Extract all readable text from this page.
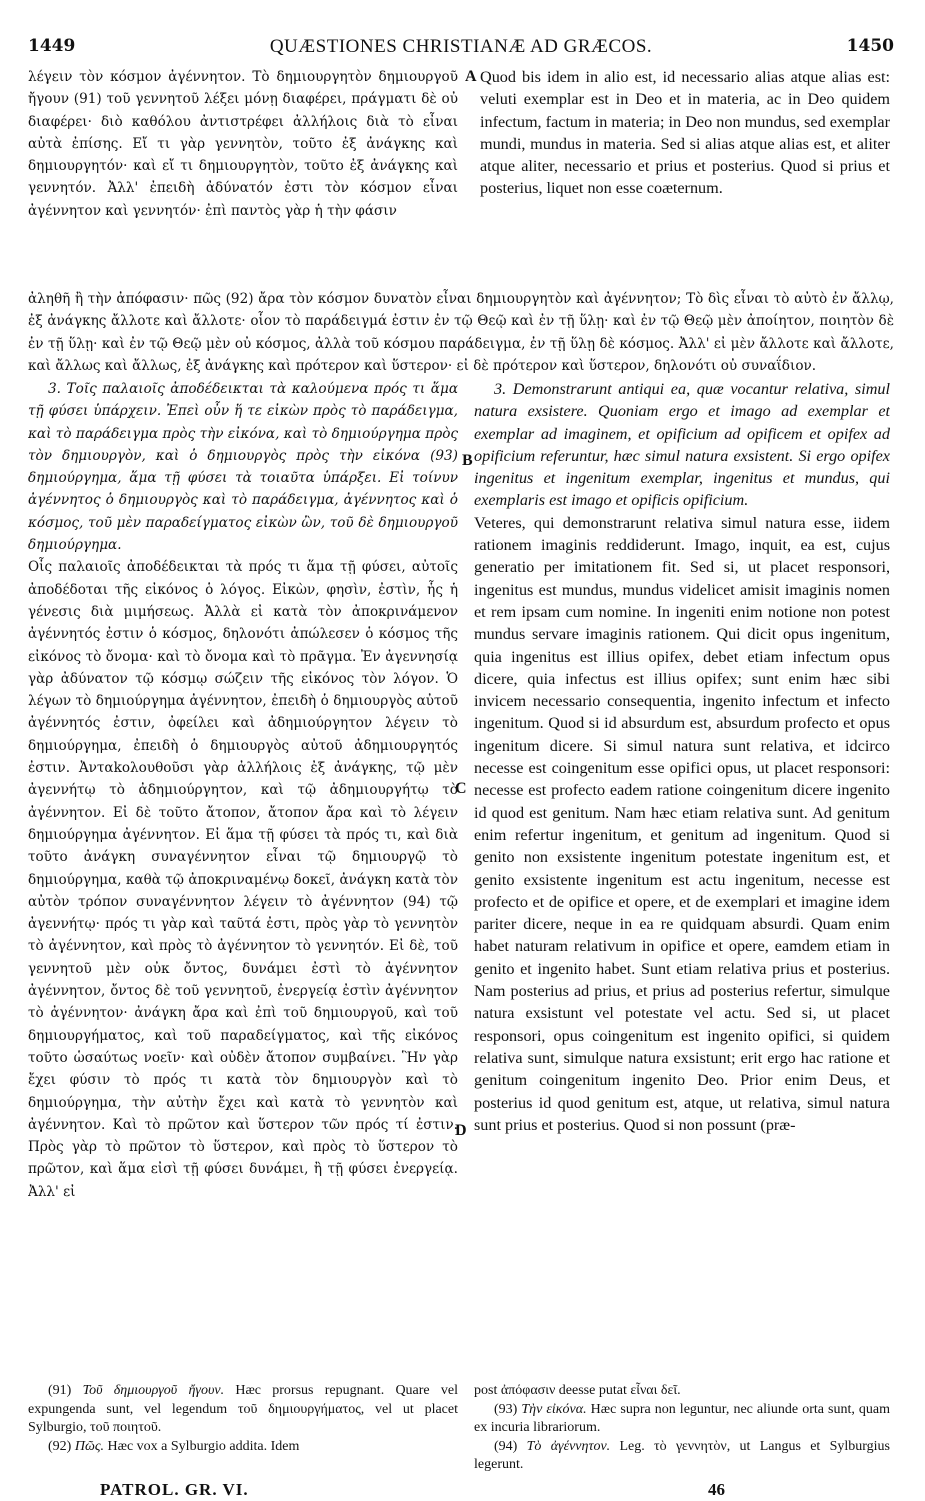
1449	QUÆSTIONES CHRISTIANÆ AD GRÆCOS.	1450

λέγειν τὸν κόσμον ἀγέννητον. Τὸ δημιουργητὸν δημιουργοῦ ἤγουν (91) τοῦ γεννητοῦ λέξει μόνῃ διαφέρει, πράγματι δὲ οὐ διαφέρει· διὸ καθόλου ἀντιστρέφει ἀλλήλοις διὰ τὸ εἶναι αὐτὰ ἐπίσης. Εἴ τι γὰρ γεννητὸν, τοῦτο ἐξ ἀνάγκης καὶ δημιουργητόν· καὶ εἴ τι δημιουργητὸν, τοῦτο ἐξ ἀνάγκης καὶ γεννητόν. Ἀλλ' ἐπειδὴ ἀδύνατόν ἐστι τὸν κόσμον εἶναι ἀγέννητον καὶ γεννητόν· ἐπὶ παντὸς γὰρ ἡ τὴν φάσιν

A Quod bis idem in alio est, id necessario alias atque alias est: veluti exemplar est in Deo et in materia, ac in Deo quidem infectum, factum in materia; in Deo non mundus, sed exemplar mundi, mundus in materia. Sed si alias atque alias est, et aliter atque aliter, necessario et prius et posterius. Quod si prius et posterius, liquet non esse coæternum.

ἀληθῆ ἢ τὴν ἀπόφασιν· πῶς (92) ἄρα τὸν κόσμον δυνατὸν εἶναι δημιουργητὸν καὶ ἀγέννητον; Τὸ δὶς εἶναι τὸ αὐτὸ ἐν ἄλλῳ, ἐξ ἀνάγκης ἄλλοτε καὶ ἄλλοτε· οἷον τὸ παράδειγμά ἐστιν ἐν τῷ Θεῷ καὶ ἐν τῇ ὕλῃ· καὶ ἐν τῷ Θεῷ μὲν ἀποίητον, ποιητὸν δὲ ἐν τῇ ὕλῃ· καὶ ἐν τῷ Θεῷ μὲν οὐ κόσμος, ἀλλὰ τοῦ κόσμου παράδειγμα, ἐν τῇ ὕλῃ δὲ κόσμος. Ἀλλ' εἰ μὲν ἄλλοτε καὶ ἄλλοτε, καὶ ἄλλως καὶ ἄλλως, ἐξ ἀνάγκης καὶ πρότερον καὶ ὕστερον· εἰ δὲ πρότερον καὶ ὕστερον, δηλονότι οὐ συναΐδιον.

3. Τοῖς παλαιοῖς ἀποδέδεικται τὰ καλούμενα πρός τι ἅμα τῇ φύσει ὑπάρχειν. Ἐπεὶ οὖν ἥ τε εἰκὼν πρὸς τὸ παράδειγμα, καὶ τὸ παράδειγμα πρὸς τὴν εἰκόνα, καὶ τὸ δημιούργημα πρὸς τὸν δημιουργὸν, καὶ ὁ δημιουργὸς πρὸς τὴν εἰκόνα (93) δημιούργημα, ἅμα τῇ φύσει τὰ τοιαῦτα ὑπάρξει. Εἰ τοίνυν ἀγέννητος ὁ δημιουργὸς καὶ τὸ παράδειγμα, ἀγέννητος καὶ ὁ κόσμος, τοῦ μὲν παραδείγματος εἰκὼν ὢν, τοῦ δὲ δημιουργοῦ δημιούργημα.

Οἷς παλαιοῖς ἀποδέδεικται τὰ πρός τι ἅμα τῇ φύσει, αὐτοῖς ἀποδέδοται τῆς εἰκόνος ὁ λόγος. Εἰκὼν, φησὶν, ἐστὶν, ἧς ἡ γένεσις διὰ μιμήσεως. Ἀλλὰ εἰ κατὰ τὸν ἀποκρινάμενον ἀγέννητός ἐστιν ὁ κόσμος, δηλονότι ἀπώλεσεν ὁ κόσμος τῆς εἰκόνος τὸ ὄνομα· καὶ τὸ ὄνομα καὶ τὸ πρᾶγμα. Ἐν ἀγεννησίᾳ γὰρ ἀδύνατον τῷ κόσμῳ σώζειν τῆς εἰκόνος τὸν λόγον. Ὁ λέγων τὸ δημιούργημα ἀγέννητον, ἐπειδὴ ὁ δημιουργὸς αὐτοῦ ἀγέννητός ἐστιν, ὀφείλει καὶ ἀδημιούργητον λέγειν τὸ δημιούργημα, ἐπειδὴ ὁ δημιουργὸς αὐτοῦ ἀδημιουργητός ἐστιν. Ἀνταkολουθοῦσι γὰρ ἀλλήλοις ἐξ ἀνάγκης, τῷ μὲν ἀγεννήτῳ τὸ ἀδημιούργητον, καὶ τῷ ἀδημιουργήτῳ τὸ ἀγέννητον. Εἰ δὲ τοῦτο ἄτοπον, ἄτοπον ἄρα καὶ τὸ λέγειν δημιούργημα ἀγέννητον. Εἰ ἅμα τῇ φύσει τὰ πρός τι, καὶ διὰ τοῦτο ἀνάγκη συναγέννητον εἶναι τῷ δημιουργῷ τὸ δημιούργημα, καθὰ τῷ ἀποκριναμένῳ δοκεῖ, ἀνάγκη κατὰ τὸν αὐτὸν τρόπον συναγέννητον λέγειν τὸ ἀγέννητον (94) τῷ ἀγεννήτῳ· πρός τι γὰρ καὶ ταῦτά ἐστι, πρὸς γὰρ τὸ γεννητὸν τὸ ἀγέννητον, καὶ πρὸς τὸ ἀγέννητον τὸ γεννητόν. Εἰ δὲ, τοῦ γεννητοῦ μὲν οὐκ ὄντος, δυνάμει ἐστὶ τὸ ἀγέννητον ἀγέννητον, ὄντος δὲ τοῦ γεννητοῦ, ἐνεργείᾳ ἐστὶν ἀγέννητον τὸ ἀγέννητον· ἀνάγκη ἄρα καὶ ἐπὶ τοῦ δημιουργοῦ, καὶ τοῦ δημιουργήματος, καὶ τοῦ παραδείγματος, καὶ τῆς εἰκόνος τοῦτο ὡσαύτως νοεῖν· καὶ οὐδὲν ἄτοπον συμβαίνει. Ἣν γὰρ ἔχει φύσιν τὸ πρός τι κατὰ τὸν δημιουργὸν καὶ τὸ δημιούργημα, τὴν αὐτὴν ἔχει καὶ κατὰ τὸ γεννητὸν καὶ ἀγέννητον. Καὶ τὸ πρῶτον καὶ ὕστερον τῶν πρός τί ἐστιν. Πρὸς γὰρ τὸ πρῶτον τὸ ὕστερον, καὶ πρὸς τὸ ὕστερον τὸ πρῶτον, καὶ ἅμα εἰσὶ τῇ φύσει δυνάμει, ἢ τῇ φύσει ἐνεργείᾳ. Ἀλλ' εἰ

B
C
D

3. Demonstrarunt antiqui ea, quæ vocantur relativa, simul natura exsistere. Quoniam ergo et imago ad exemplar et exemplar ad imaginem, et opificium ad opificem et opifex ad opificium referuntur, hæc simul natura exsistent. Si ergo opifex ingenitus et ingenitum exemplar, ingenitus et mundus, qui exemplaris est imago et opificis opificium.

Veteres, qui demonstrarunt relativa simul natura esse, iidem rationem imaginis reddiderunt. Imago, inquit, ea est, cujus generatio per imitationem fit. Sed si, ut placet responsori, ingenitus est mundus, mundus videlicet amisit imaginis nomen et rem ipsam cum nomine. In ingeniti enim notione non potest mundus servare imaginis rationem. Qui dicit opus ingenitum, quia ingenitus est illius opifex, debet etiam infectum opus dicere, quia infectus est illius opifex; sunt enim hæc sibi invicem necessario consequentia, ingenito infectum et infecto ingenitum. Quod si id absurdum est, absurdum profecto et opus ingenitum dicere. Si simul natura sunt relativa, et idcirco necesse est coingenitum esse opifici opus, ut placet responsori: necesse est profecto eadem ratione coingenitum dicere ingenito id quod est genitum. Nam hæc etiam relativa sunt. Ad genitum enim refertur ingenitum, et genitum ad ingenitum. Quod si genito non exsistente ingenitum potestate ingenitum est, et genito exsistente ingenitum est actu ingenitum, necesse est profecto et de opifice et opere, et de exemplari et imagine idem pariter dicere, neque in ea re quidquam absurdi. Quam enim habet naturam relativum in opifice et opere, eamdem etiam in genito et ingenito habet. Sunt etiam relativa prius et posterius. Nam posterius ad prius, et prius ad posterius refertur, simulque natura exsistunt vel potestate vel actu. Sed si, ut placet responsori, opus coingenitum est ingenito opifici, si quidem relativa sunt, simulque natura exsistunt; erit ergo hac ratione et genitum coingenitum ingenito Deo. Prior enim Deus, et posterius id quod genitum est, atque, ut relativa, simul natura sunt prius et posterius. Quod si non possunt (præ-

(91) Τοῦ δημιουργοῦ ἤγουν. Hæc prorsus repugnant. Quare vel expungenda sunt, vel legendum τοῦ δημιουργήματος, vel ut placet Sylburgio, τοῦ ποιητοῦ.

(92) Πῶς. Hæc vox a Sylburgio addita. Idem

post ἀπόφασιν deesse putat εἶναι δεῖ.

(93) Τὴν εἰκόνα. Hæc supra non leguntur, nec aliunde orta sunt, quam ex incuria librariorum.

(94) Τὸ ἀγέννητον. Leg. τὸ γεννητὸν, ut Langus et Sylburgius legerunt.

PATROL. GR. VI.	46
